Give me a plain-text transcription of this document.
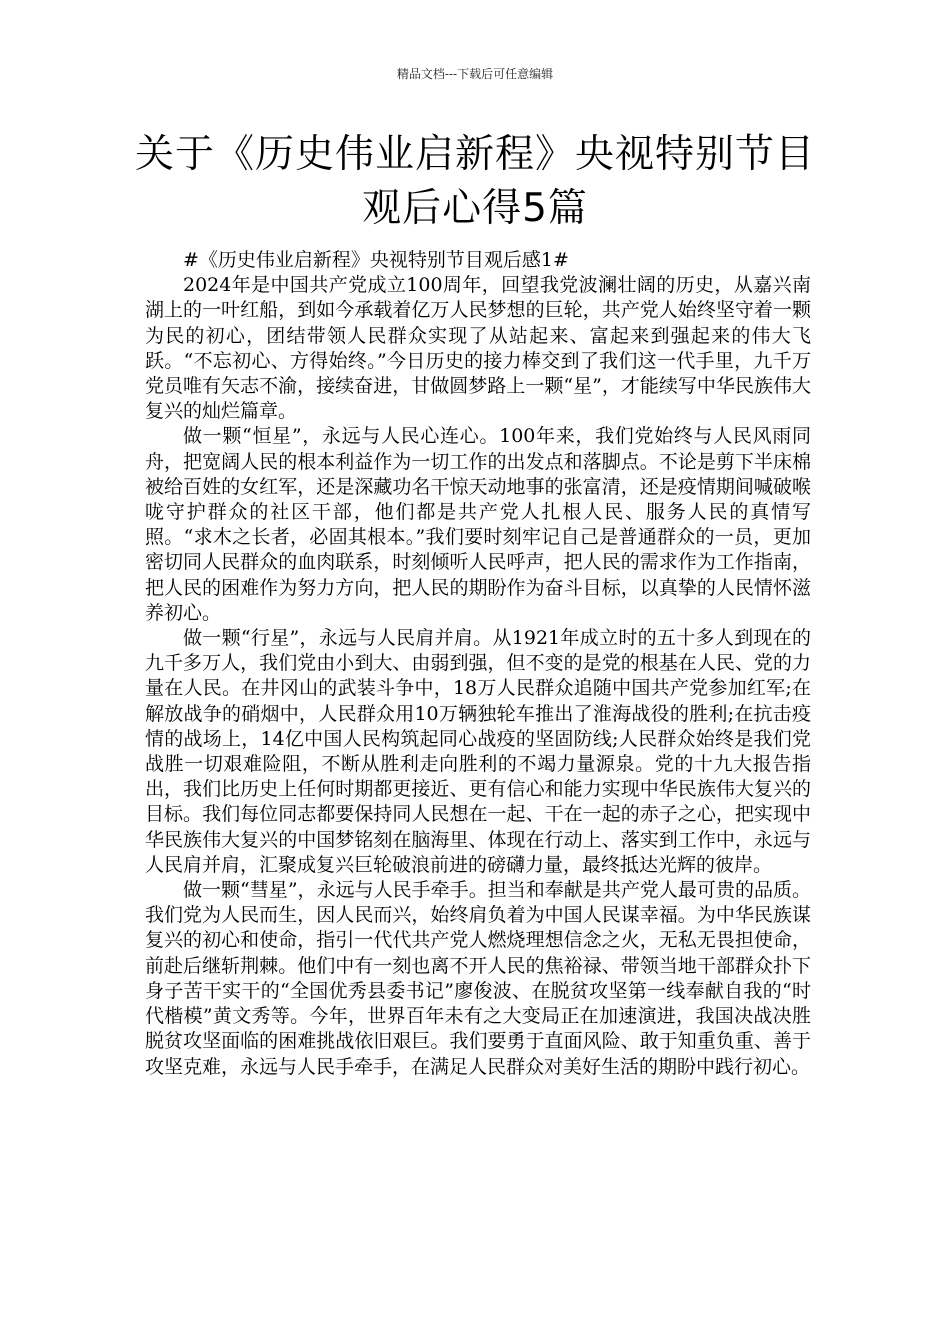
精品文档---下载后可任意编辑
关于《历史伟业启新程》央视特别节目观后心得5篇

#《历史伟业启新程》央视特别节目观后感1#

2024年是中国共产党成立100周年，回望我党波澜壮阔的历史，从嘉兴南湖上的一叶红船，到如今承载着亿万人民梦想的巨轮，共产党人始终坚守着一颗为民的初心，团结带领人民群众实现了从站起来、富起来到强起来的伟大飞跃。“不忘初心、方得始终。”今日历史的接力棒交到了我们这一代手里，九千万党员唯有矢志不渝，接续奋进，甘做圆梦路上一颗“星”，才能续写中华民族伟大复兴的灿烂篇章。

做一颗“恒星”，永远与人民心连心。100年来，我们党始终与人民风雨同舟，把宽阔人民的根本利益作为一切工作的出发点和落脚点。不论是剪下半床棉被给百姓的女红军，还是深藏功名干惊天动地事的张富清，还是疫情期间喊破喉咙守护群众的社区干部，他们都是共产党人扎根人民、服务人民的真情写照。“求木之长者，必固其根本。”我们要时刻牢记自己是普通群众的一员，更加密切同人民群众的血肉联系，时刻倾听人民呼声，把人民的需求作为工作指南，把人民的困难作为努力方向，把人民的期盼作为奋斗目标，以真挚的人民情怀滋养初心。

做一颗“行星”，永远与人民肩并肩。从1921年成立时的五十多人到现在的九千多万人，我们党由小到大、由弱到强，但不变的是党的根基在人民、党的力量在人民。在井冈山的武装斗争中，18万人民群众追随中国共产党参加红军;在解放战争的硝烟中，人民群众用10万辆独轮车推出了淮海战役的胜利;在抗击疫情的战场上，14亿中国人民构筑起同心战疫的坚固防线;人民群众始终是我们党战胜一切艰难险阻，不断从胜利走向胜利的不竭力量源泉。党的十九大报告指出，我们比历史上任何时期都更接近、更有信心和能力实现中华民族伟大复兴的目标。我们每位同志都要保持同人民想在一起、干在一起的赤子之心，把实现中华民族伟大复兴的中国梦铭刻在脑海里、体现在行动上、落实到工作中，永远与人民肩并肩，汇聚成复兴巨轮破浪前进的磅礴力量，最终抵达光辉的彼岸。

做一颗“彗星”，永远与人民手牵手。担当和奉献是共产党人最可贵的品质。我们党为人民而生，因人民而兴，始终肩负着为中国人民谋幸福。为中华民族谋复兴的初心和使命，指引一代代共产党人燃烧理想信念之火，无私无畏担使命，前赴后继斩荆棘。他们中有一刻也离不开人民的焦裕禄、带领当地干部群众扑下身子苦干实干的“全国优秀县委书记”廖俊波、在脱贫攻坚第一线奉献自我的“时代楷模”黄文秀等。今年，世界百年未有之大变局正在加速演进，我国决战决胜脱贫攻坚面临的困难挑战依旧艰巨。我们要勇于直面风险、敢于知重负重、善于攻坚克难，永远与人民手牵手，在满足人民群众对美好生活的期盼中践行初心。
